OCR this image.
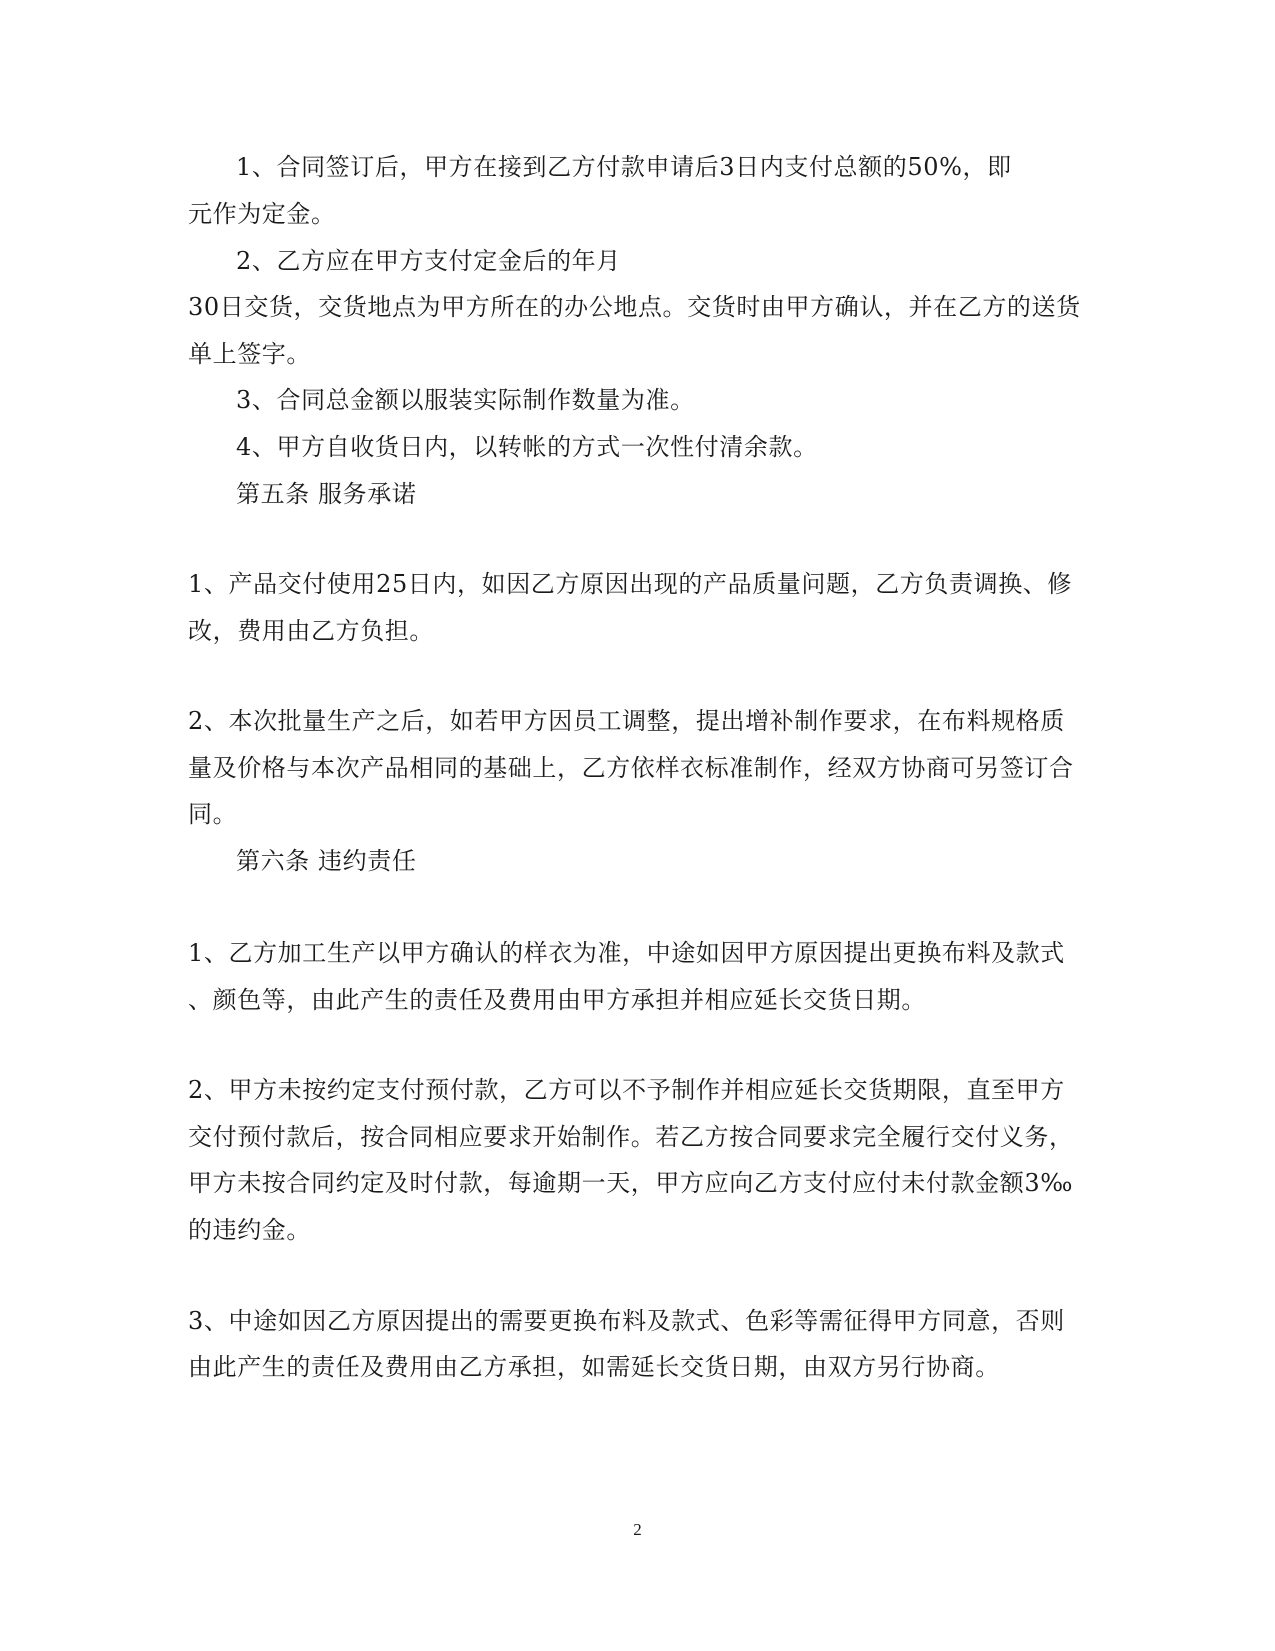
1、合同签订后，甲方在接到乙方付款申请后3日内支付总额的50%，即
元作为定金。
2、乙方应在甲方支付定金后的年月
30日交货，交货地点为甲方所在的办公地点。交货时由甲方确认，并在乙方的送货
单上签字。
3、合同总金额以服装实际制作数量为准。
4、甲方自收货日内，以转帐的方式一次性付清余款。
第五条 服务承诺
1、产品交付使用25日内，如因乙方原因出现的产品质量问题，乙方负责调换、修
改，费用由乙方负担。
2、本次批量生产之后，如若甲方因员工调整，提出增补制作要求，在布料规格质
量及价格与本次产品相同的基础上，乙方依样衣标准制作，经双方协商可另签订合
同。
第六条 违约责任
1、乙方加工生产以甲方确认的样衣为准，中途如因甲方原因提出更换布料及款式
、颜色等，由此产生的责任及费用由甲方承担并相应延长交货日期。
2、甲方未按约定支付预付款，乙方可以不予制作并相应延长交货期限，直至甲方
交付预付款后，按合同相应要求开始制作。若乙方按合同要求完全履行交付义务，
甲方未按合同约定及时付款，每逾期一天，甲方应向乙方支付应付未付款金额3‰
的违约金。
3、中途如因乙方原因提出的需要更换布料及款式、色彩等需征得甲方同意，否则
由此产生的责任及费用由乙方承担，如需延长交货日期，由双方另行协商。
2
